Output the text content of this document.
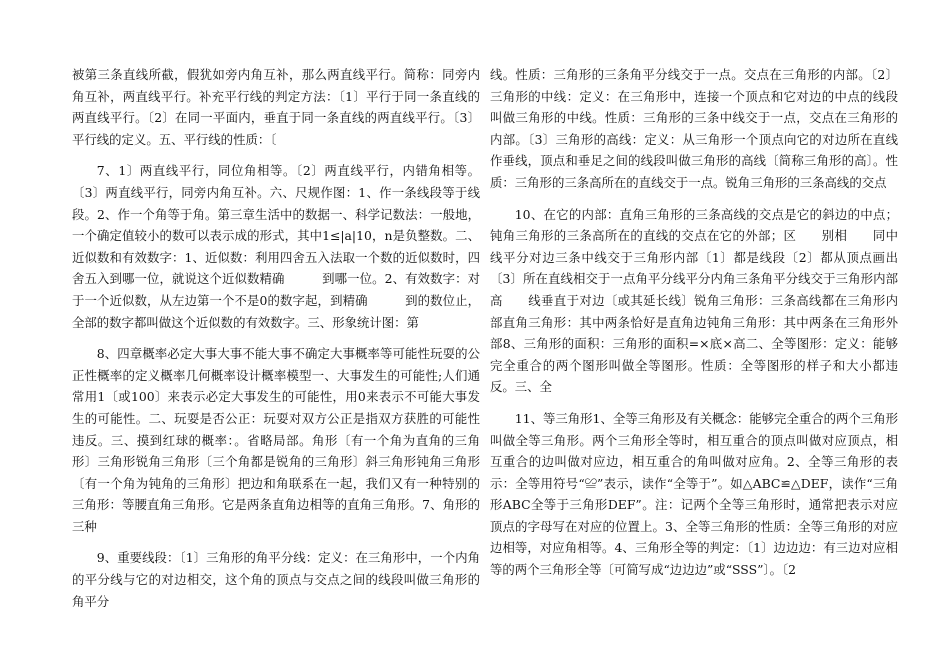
被第三条直线所截，假犹如旁内角互补，那么两直线平行。简称：同旁内角互补，两直线平行。补充平行线的判定方法：〔1〕平行于同一条直线的两直线平行。〔2〕在同一平面内，垂直于同一条直线的两直线平行。〔3〕平行线的定义。五、平行线的性质：〔

7、1〕两直线平行，同位角相等。〔2〕两直线平行，内错角相等。〔3〕两直线平行，同旁内角互补。六、尺规作图：1、作一条线段等于线段。2、作一个角等于角。第三章生活中的数据一、科学记数法：一般地，一个确定值较小的数可以表示成的形式，其中1≤|a|10，n是负整数。二、近似数和有效数字：1、近似数：利用四舍五入法取一个数的近似数时，四舍五入到哪一位，就说这个近似数精确　　　到哪一位。2、有效数字：对于一个近似数，从左边第一个不是0的数字起，到精确　　　到的数位止，全部的数字都叫做这个近似数的有效数字。三、形象统计图：第

8、四章概率必定大事大事不能大事不确定大事概率等可能性玩耍的公正性概率的定义概率几何概率设计概率模型一、大事发生的可能性;人们通常用1〔或100〕来表示必定大事发生的可能性，用0来表示不可能大事发生的可能性。二、玩耍是否公正：玩耍对双方公正是指双方获胜的可能性违反。三、摸到红球的概率：。省略局部。角形〔有一个角为直角的三角形〕三角形锐角三角形〔三个角都是锐角的三角形〕斜三角形钝角三角形〔有一个角为钝角的三角形〕把边和角联系在一起，我们又有一种特别的三角形：等腰直角三角形。它是两条直角边相等的直角三角形。7、角形的三种

9、重要线段：〔1〕三角形的角平分线：定义：在三角形中，一个内角的平分线与它的对边相交，这个角的顶点与交点之间的线段叫做三角形的角平分

线。性质：三角形的三条角平分线交于一点。交点在三角形的内部。〔2〕三角形的中线：定义：在三角形中，连接一个顶点和它对边的中点的线段叫做三角形的中线。性质：三角形的三条中线交于一点，交点在三角形的内部。〔3〕三角形的高线：定义：从三角形一个顶点向它的对边所在直线作垂线，顶点和垂足之间的线段叫做三角形的高线〔简称三角形的高〕。性质：三角形的三条高所在的直线交于一点。锐角三角形的三条高线的交点

10、在它的内部：直角三角形的三条高线的交点是它的斜边的中点；钝角三角形的三条高所在的直线的交点在它的外部；区　　别相　　同中　　线平分对边三条中线交于三角形内部〔1〕都是线段〔2〕都从顶点画出〔3〕所在直线相交于一点角平分线平分内角三条角平分线交于三角形内部高　　线垂直于对边〔或其延长线〕锐角三角形：三条高线都在三角形内部直角三角形：其中两条恰好是直角边钝角三角形：其中两条在三角形外部8、三角形的面积：三角形的面积=×底×高二、全等图形：定义：能够完全重合的两个图形叫做全等图形。性质：全等图形的样子和大小都违反。三、全

11、等三角形1、全等三角形及有关概念：能够完全重合的两个三角形叫做全等三角形。两个三角形全等时，相互重合的顶点叫做对应顶点，相互重合的边叫做对应边，相互重合的角叫做对应角。2、全等三角形的表示：全等用符号“≌”表示，读作“全等于”。如△ABC≌△DEF，读作“三角形ABC全等于三角形DEF”。注：记两个全等三角形时，通常把表示对应顶点的字母写在对应的位置上。3、全等三角形的性质：全等三角形的对应边相等，对应角相等。4、三角形全等的判定：〔1〕边边边：有三边对应相等的两个三角形全等〔可简写成“边边边”或“SSS”〕。〔2
